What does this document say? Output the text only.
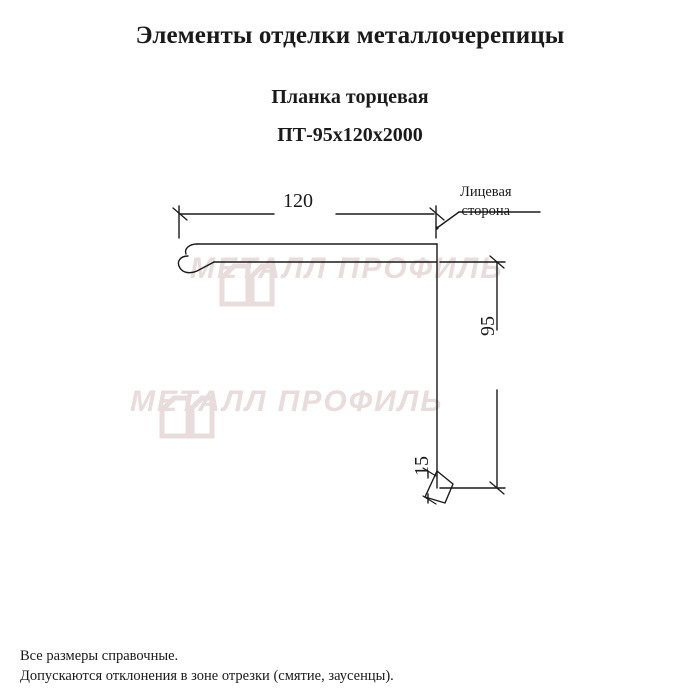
Элементы отделки металлочерепицы
Планка торцевая
ПТ-95x120х2000
МЕТАЛЛ ПРОФИЛЬ
МЕТАЛЛ ПРОФИЛЬ
120
95
15
Лицевая
сторона
Все размеры справочные.
Допускаются отклонения в зоне отрезки (смятие, заусенцы).
